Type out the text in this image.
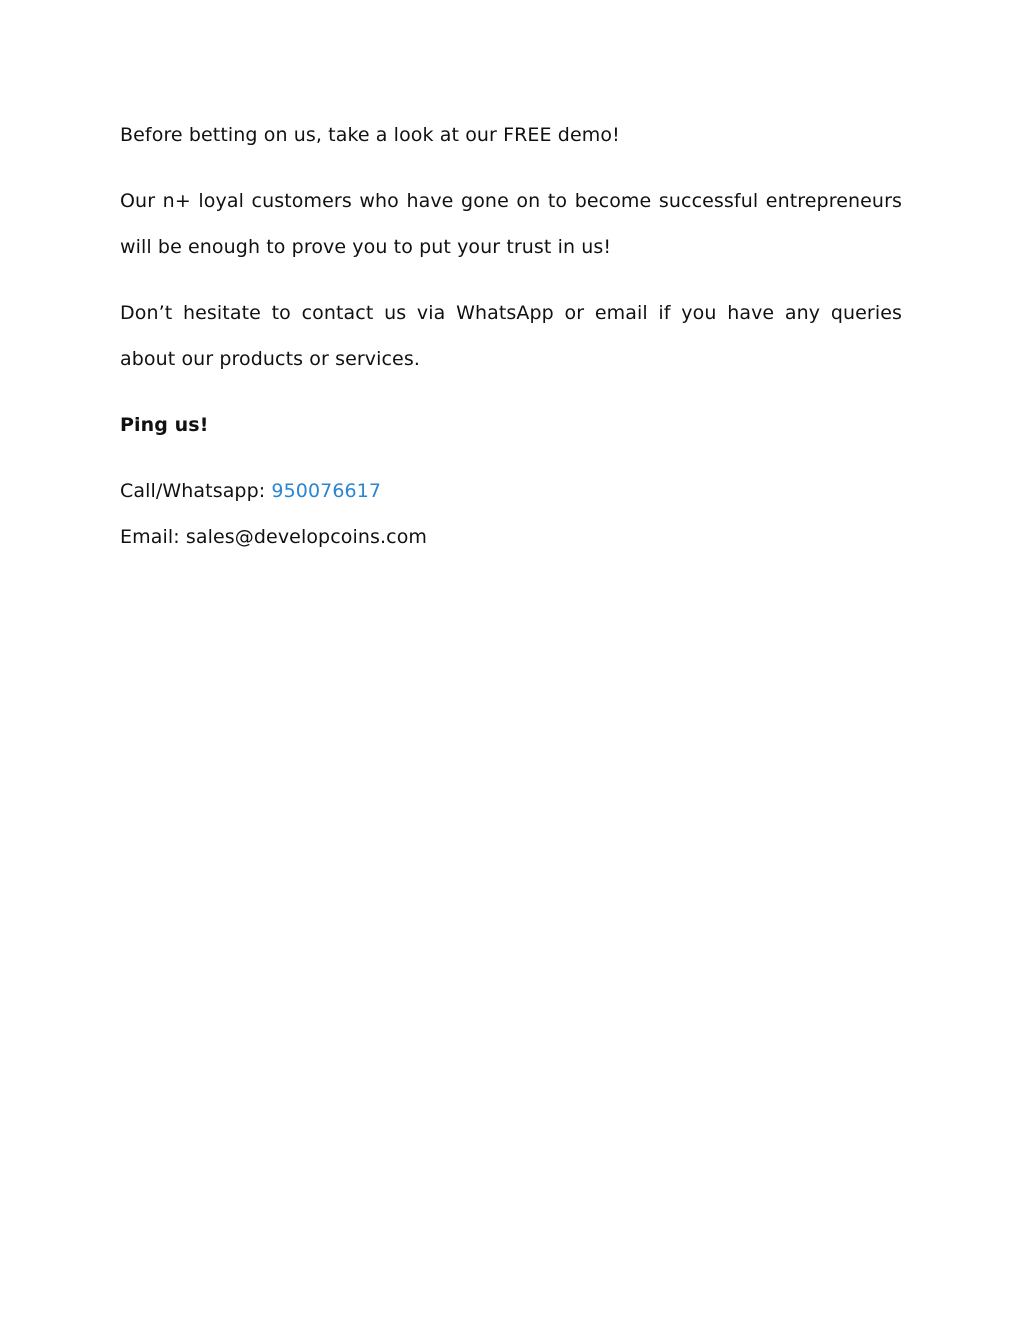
Before betting on us, take a look at our FREE demo!

Our n+ loyal customers who have gone on to become successful entrepreneurs will be enough to prove you to put your trust in us!

Don’t hesitate to contact us via WhatsApp or email if you have any queries about our products or services.

Ping us!

Call/Whatsapp: 950076617

Email: sales@developcoins.com
